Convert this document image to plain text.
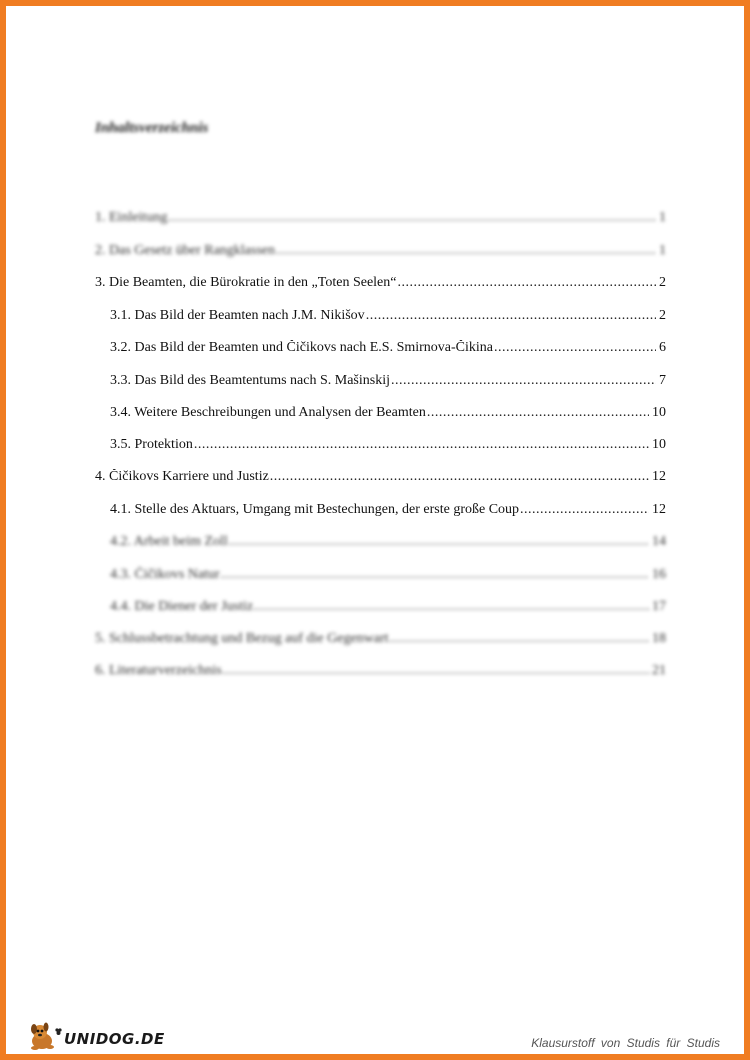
Inhaltsverzeichnis
1. Einleitung .....	1
2. Das Gesetz über Rangklassen .....	1
3. Die Beamten, die Bürokratie in den „Toten Seelen“ .....	2
3.1. Das Bild der Beamten nach J.M. Nikišov .....	2
3.2. Das Bild der Beamten und Čičikovs nach E.S. Smirnova-Čikina .....	6
3.3. Das Bild des Beamtentums nach S. Mašinskij .....	7
3.4. Weitere Beschreibungen und Analysen der Beamten .....	10
3.5. Protektion .....	10
4. Čičikovs Karriere und Justiz .....	12
4.1. Stelle des Aktuars, Umgang mit Bestechungen, der erste große Coup .....	12
4.2. Arbeit beim Zoll .....	14
4.3. Čičikovs Natur .....	16
4.4. Die Diener der Justiz .....	17
5. Schlussbetrachtung und Bezug auf die Gegenwart .....	18
6. Literaturverzeichnis .....	21
UNIDOG.DE	Klausurstoff von Studis für Studis
